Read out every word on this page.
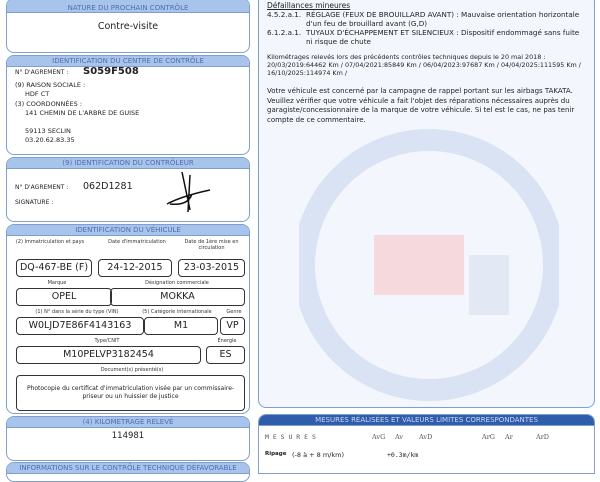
NATURE DU PROCHAIN CONTRÔLE
Contre-visite
IDENTIFICATION DU CENTRE DE CONTRÔLE
N° D'AGREMENT : S059F508
(9) RAISON SOCIALE :
HDF CT
(3) COORDONNÉES :
141 CHEMIN DE L'ARBRE DE GUISE
59113 SECLIN
03.20.62.83.35
(9) IDENTIFICATION DU CONTRÔLEUR
N° D'AGREMENT : 062D1281
SIGNATURE :
IDENTIFICATION DU VÉHICULE
(2) Immatriculation et pays	Date d'immatriculation	Date de 1ère mise en circulation
DQ-467-BE (F)	24-12-2015	23-03-2015
Marque	Désignation commerciale
OPEL	MOKKA
(1) N° dans la série du type (VIN)	(5) Catégorie internationale	Genre
W0LJD7E86F4143163	M1	VP
Type/CNIT	Énergie
M10PELVP3182454	ES
Document(s) présenté(s)
Photocopie du certificat d'immatriculation visée par un commissaire-priseur ou un huissier de justice
(4) KILOMETRAGE RELEVÉ
114981
INFORMATIONS SUR LE CONTRÔLE TECHNIQUE DÉFAVORABLE
Défaillances mineures
4.5.2.a.1. RÉGLAGE (FEUX DE BROUILLARD AVANT) : Mauvaise orientation horizontale d'un feu de brouillard avant (G,D)
6.1.2.a.1. TUYAUX D'ÉCHAPPEMENT ET SILENCIEUX : Dispositif endommagé sans fuite ni risque de chute
Kilométrages relevés lors des précédents contrôles techniques depuis le 20 mai 2018 : 20/03/2019:64462 Km / 07/04/2021:85849 Km / 06/04/2023:97687 Km / 04/04/2025:111595 Km / 16/10/2025:114974 Km /
Votre véhicule est concerné par la campagne de rappel portant sur les airbags TAKATA. Veuillez vérifier que votre véhicule a fait l'objet des réparations nécessaires auprès du garagiste/concessionnaire de la marque de votre véhicule. Si tel est le cas, ne pas tenir compte de ce commentaire.
MESURES RÉALISÉES ET VALEURS LIMITES CORRESPONDANTES
M E S U R E S	AvG Av AvD	ArG Ar	ArD
Ripage (-8 à + 8 m/km)	+0.3m/km
